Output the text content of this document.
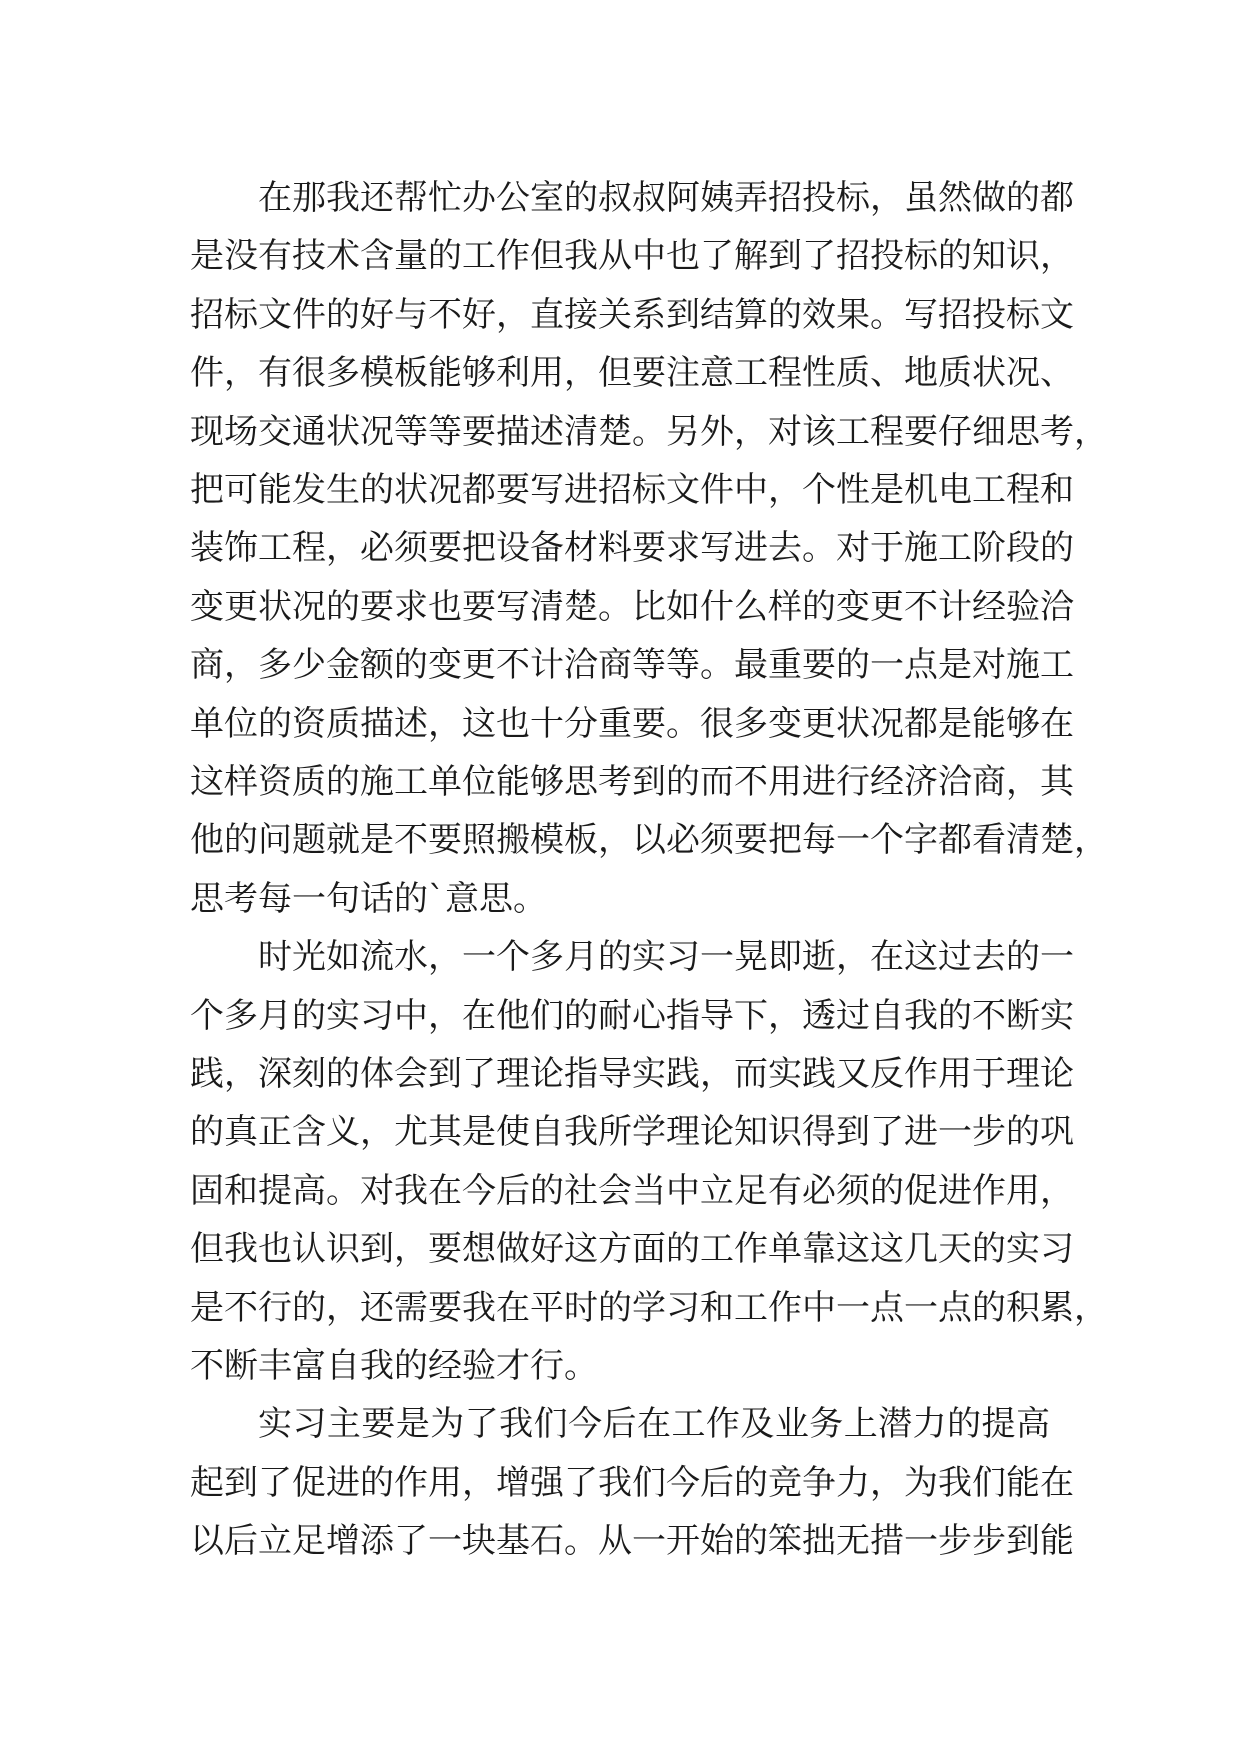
在那我还帮忙办公室的叔叔阿姨弄招投标，虽然做的都
是没有技术含量的工作但我从中也了解到了招投标的知识，
招标文件的好与不好，直接关系到结算的效果。写招投标文
件，有很多模板能够利用，但要注意工程性质、地质状况、
现场交通状况等等要描述清楚。另外，对该工程要仔细思考，
把可能发生的状况都要写进招标文件中，个性是机电工程和
装饰工程，必须要把设备材料要求写进去。对于施工阶段的
变更状况的要求也要写清楚。比如什么样的变更不计经验洽
商，多少金额的变更不计洽商等等。最重要的一点是对施工
单位的资质描述，这也十分重要。很多变更状况都是能够在
这样资质的施工单位能够思考到的而不用进行经济洽商，其
他的问题就是不要照搬模板，以必须要把每一个字都看清楚，
思考每一句话的`意思。
时光如流水，一个多月的实习一晃即逝，在这过去的一
个多月的实习中，在他们的耐心指导下，透过自我的不断实
践，深刻的体会到了理论指导实践，而实践又反作用于理论
的真正含义，尤其是使自我所学理论知识得到了进一步的巩
固和提高。对我在今后的社会当中立足有必须的促进作用，
但我也认识到，要想做好这方面的工作单靠这这几天的实习
是不行的，还需要我在平时的学习和工作中一点一点的积累，
不断丰富自我的经验才行。
实习主要是为了我们今后在工作及业务上潜力的提高
起到了促进的作用，增强了我们今后的竞争力，为我们能在
以后立足增添了一块基石。从一开始的笨拙无措一步步到能
